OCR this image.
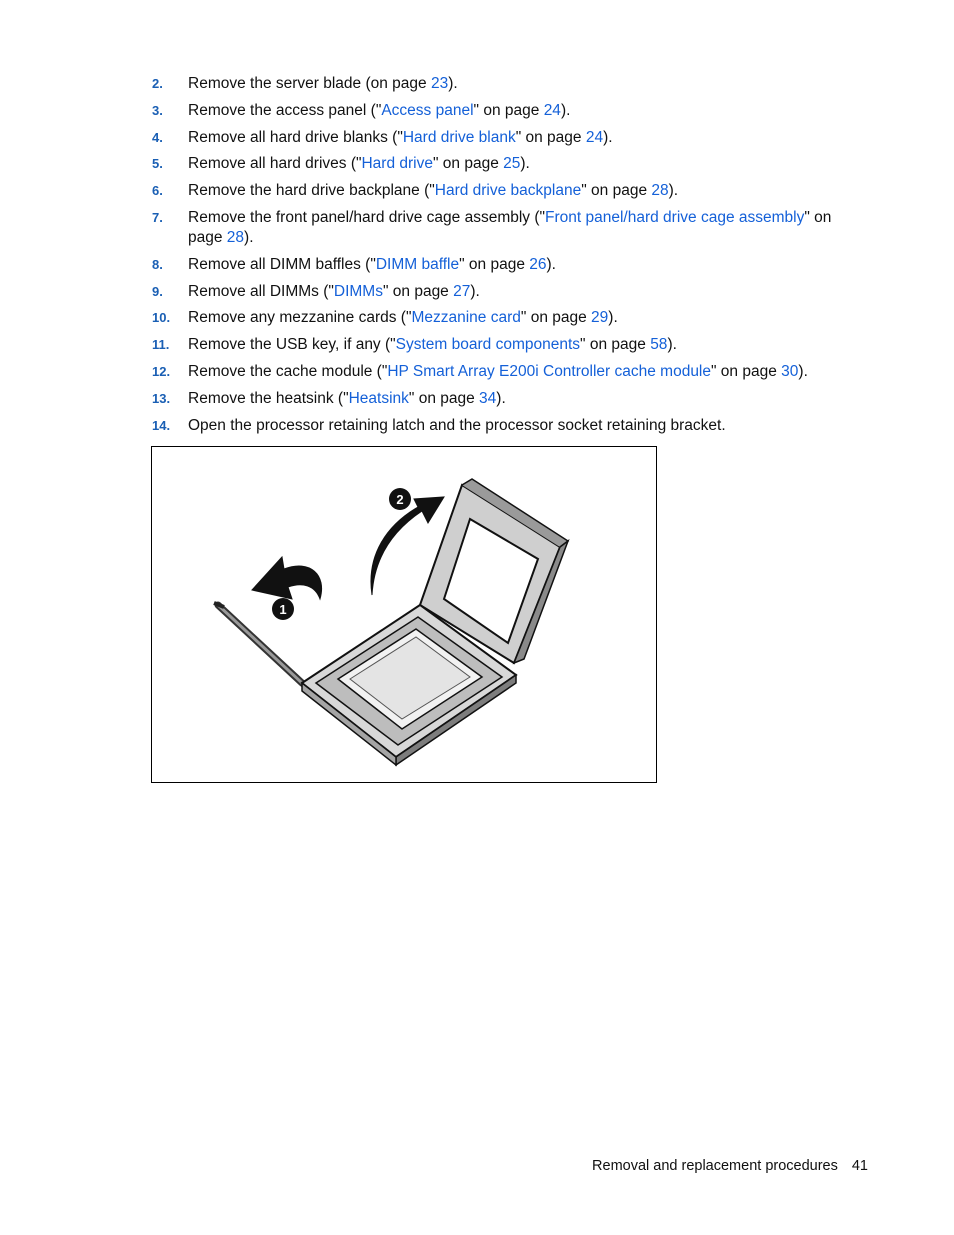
2. Remove the server blade (on page 23).
3. Remove the access panel ("Access panel" on page 24).
4. Remove all hard drive blanks ("Hard drive blank" on page 24).
5. Remove all hard drives ("Hard drive" on page 25).
6. Remove the hard drive backplane ("Hard drive backplane" on page 28).
7. Remove the front panel/hard drive cage assembly ("Front panel/hard drive cage assembly" on page 28).
8. Remove all DIMM baffles ("DIMM baffle" on page 26).
9. Remove all DIMMs ("DIMMs" on page 27).
10. Remove any mezzanine cards ("Mezzanine card" on page 29).
11. Remove the USB key, if any ("System board components" on page 58).
12. Remove the cache module ("HP Smart Array E200i Controller cache module" on page 30).
13. Remove the heatsink ("Heatsink" on page 34).
14. Open the processor retaining latch and the processor socket retaining bracket.
1
2
Removal and replacement procedures 41
